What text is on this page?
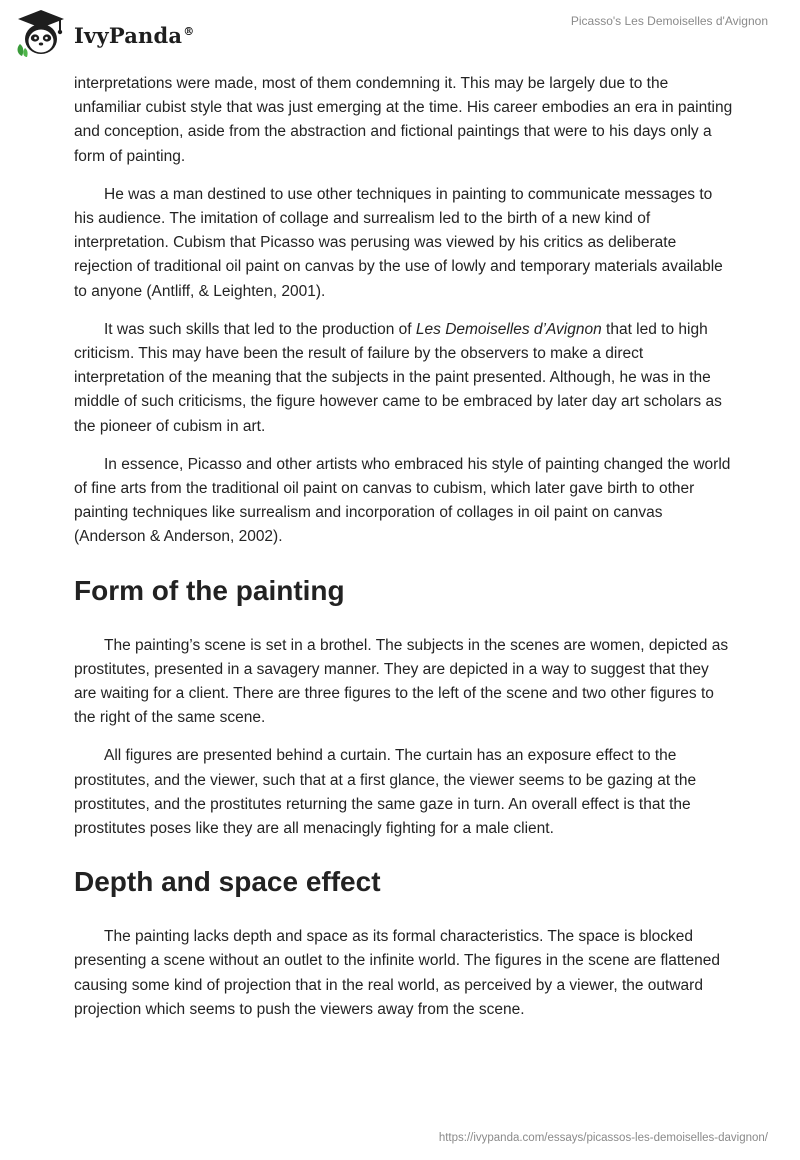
IvyPanda®
Picasso's Les Demoiselles d'Avignon

interpretations were made, most of them condemning it. This may be largely due to the unfamiliar cubist style that was just emerging at the time. His career embodies an era in painting and conception, aside from the abstraction and fictional paintings that were to his days only a form of painting.

He was a man destined to use other techniques in painting to communicate messages to his audience. The imitation of collage and surrealism led to the birth of a new kind of interpretation. Cubism that Picasso was perusing was viewed by his critics as deliberate rejection of traditional oil paint on canvas by the use of lowly and temporary materials available to anyone (Antliff, & Leighten, 2001).

It was such skills that led to the production of Les Demoiselles d’Avignon that led to high criticism. This may have been the result of failure by the observers to make a direct interpretation of the meaning that the subjects in the paint presented. Although, he was in the middle of such criticisms, the figure however came to be embraced by later day art scholars as the pioneer of cubism in art.

In essence, Picasso and other artists who embraced his style of painting changed the world of fine arts from the traditional oil paint on canvas to cubism, which later gave birth to other painting techniques like surrealism and incorporation of collages in oil paint on canvas (Anderson & Anderson, 2002).

Form of the painting

The painting’s scene is set in a brothel. The subjects in the scenes are women, depicted as prostitutes, presented in a savagery manner. They are depicted in a way to suggest that they are waiting for a client. There are three figures to the left of the scene and two other figures to the right of the same scene.

All figures are presented behind a curtain. The curtain has an exposure effect to the prostitutes, and the viewer, such that at a first glance, the viewer seems to be gazing at the prostitutes, and the prostitutes returning the same gaze in turn. An overall effect is that the prostitutes poses like they are all menacingly fighting for a male client.

Depth and space effect

The painting lacks depth and space as its formal characteristics. The space is blocked presenting a scene without an outlet to the infinite world. The figures in the scene are flattened causing some kind of projection that in the real world, as perceived by a viewer, the outward projection which seems to push the viewers away from the scene.

https://ivypanda.com/essays/picassos-les-demoiselles-davignon/
